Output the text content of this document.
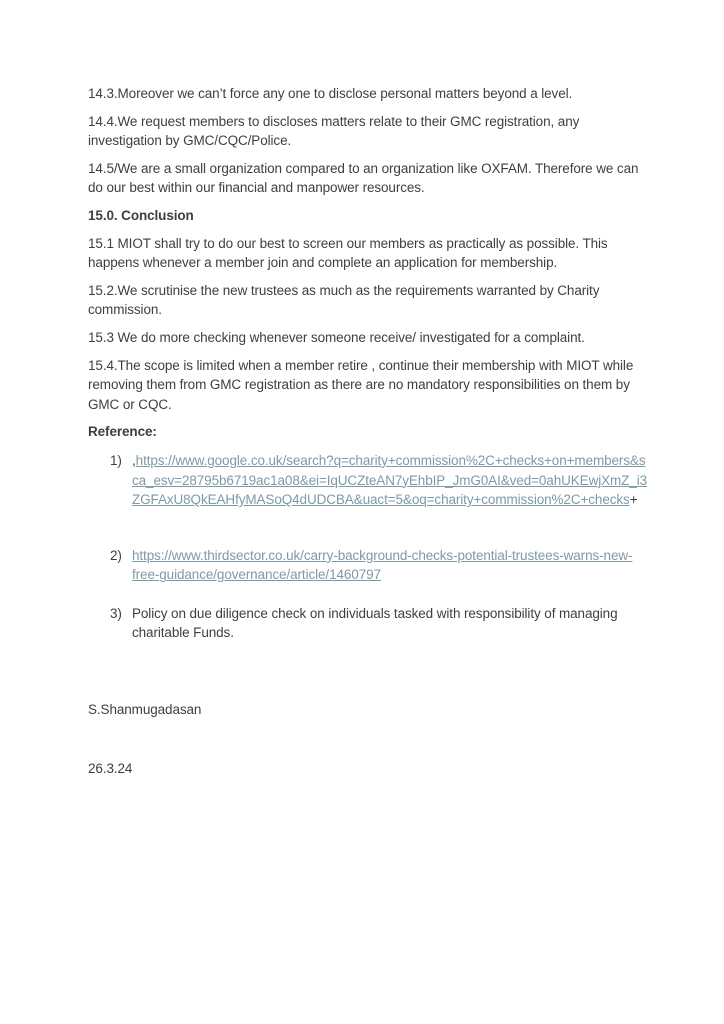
14.3.Moreover we can’t force any one to disclose personal matters beyond a level.

14.4.We request members to discloses matters relate to their GMC registration, any investigation by GMC/CQC/Police.

14.5/We are a small organization compared to an organization like OXFAM. Therefore we can do our best within our financial and manpower resources.

15.0. Conclusion

15.1 MIOT shall try to do our best to screen our members as practically as possible. This happens whenever a member join and complete an application for membership.

15.2.We scrutinise the new trustees as much as the requirements warranted by Charity commission.

15.3 We do more checking whenever someone receive/ investigated for a complaint.

15.4.The scope is limited when a member retire , continue their membership with MIOT while removing them from GMC registration as there are no mandatory responsibilities on them by GMC or CQC.

Reference:

1) ,https://www.google.co.uk/search?q=charity+commission%2C+checks+on+members&sca_esv=28795b6719ac1a08&ei=IqUCZteAN7yEhbIP_JmG0AI&ved=0ahUKEwjXmZ_i3ZGFAxU8QkEAHfyMASoQ4dUDCBA&uact=5&oq=charity+commission%2C+checks+
2) https://www.thirdsector.co.uk/carry-background-checks-potential-trustees-warns-new-free-guidance/governance/article/1460797
3) Policy on due diligence check on individuals tasked with responsibility of managing charitable Funds.

S.Shanmugadasan

26.3.24
